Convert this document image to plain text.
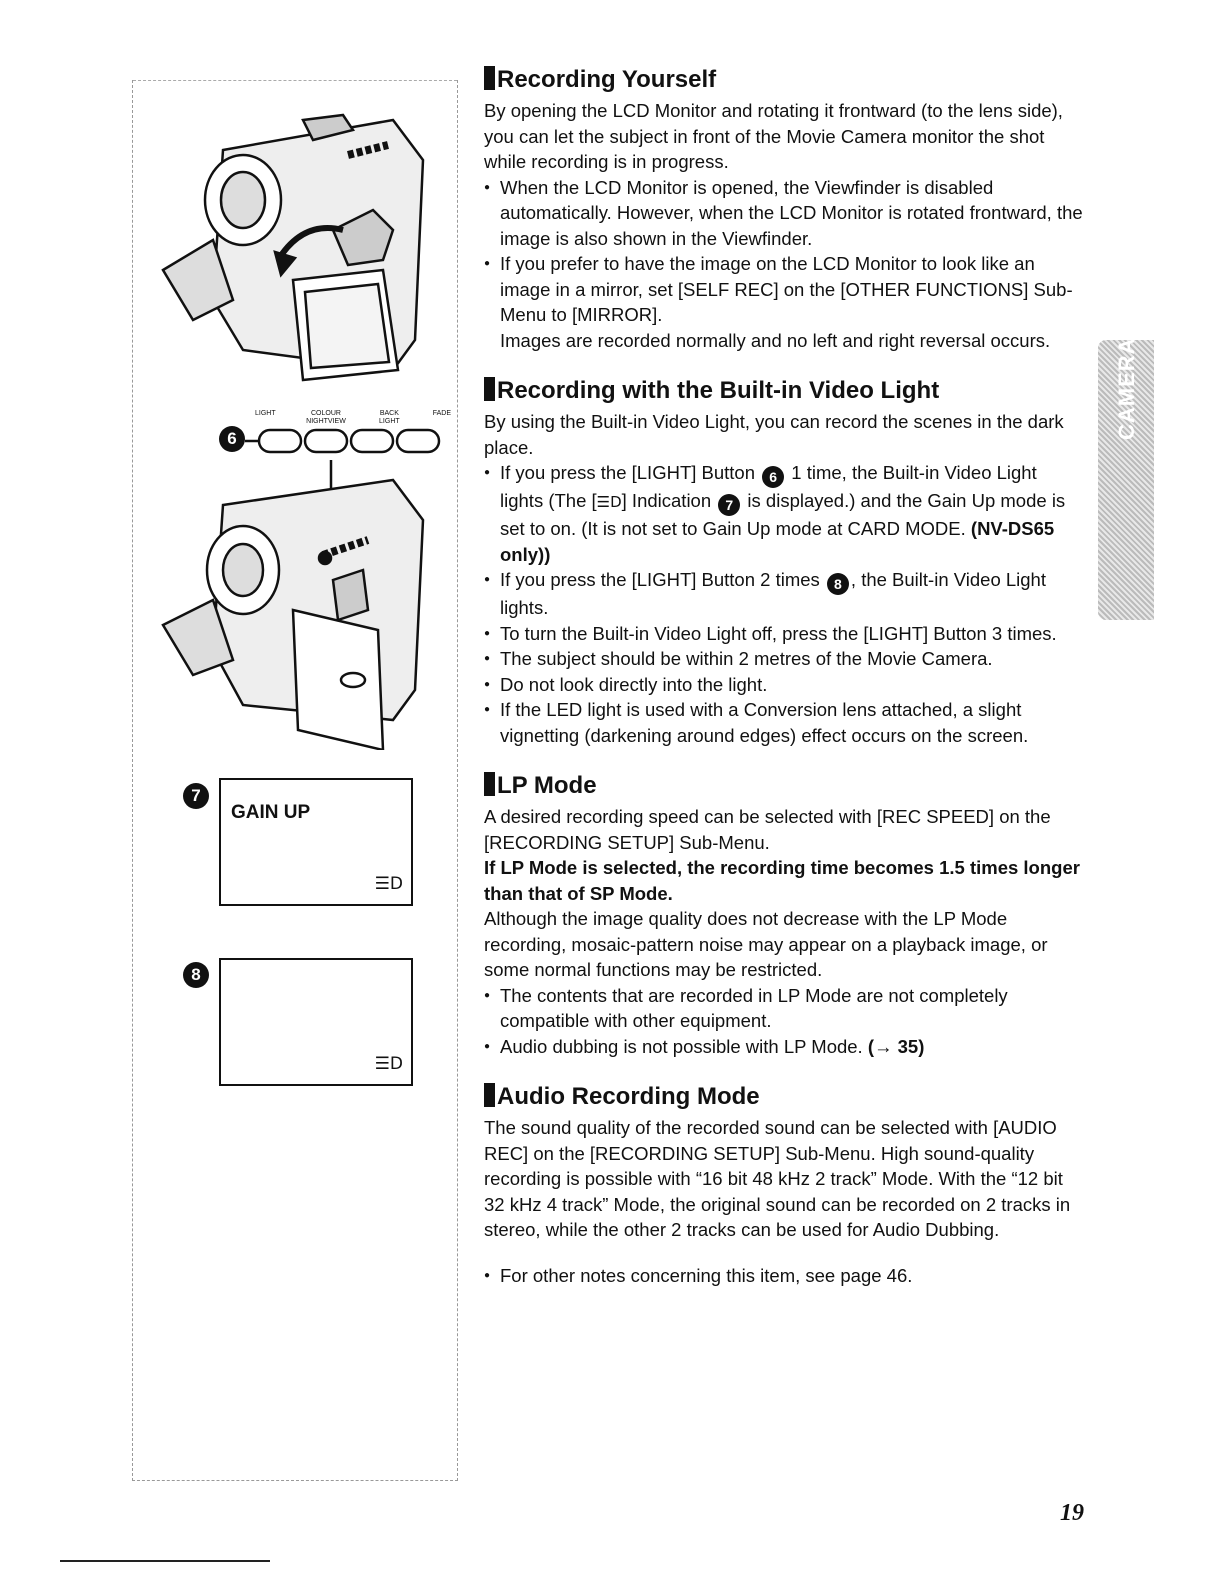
6
LIGHT	COLOUR NIGHTVIEW
BACK LIGHT
FADE
7
GAIN UP
☰D
8
☰D
CAMERA
Recording Yourself

By opening the LCD Monitor and rotating it frontward (to the lens side), you can let the subject in front of the Movie Camera monitor the shot while recording is in progress.

● When the LCD Monitor is opened, the Viewfinder is disabled automatically. However, when the LCD Monitor is rotated frontward, the image is also shown in the Viewfinder.

● If you prefer to have the image on the LCD Monitor to look like an image in a mirror, set [SELF REC] on the [OTHER FUNCTIONS] Sub-Menu to [MIRROR].

Images are recorded normally and no left and right reversal occurs.

Recording with the Built-in Video Light

By using the Built-in Video Light, you can record the scenes in the dark place.

● If you press the [LIGHT] Button 6 1 time, the Built-in Video Light lights (The [☰D] Indication 7 is displayed.) and the Gain Up mode is set to on. (It is not set to Gain Up mode at CARD MODE. (NV-DS65 only))

● If you press the [LIGHT] Button 2 times 8 , the Built-in Video Light lights.

● To turn the Built-in Video Light off, press the [LIGHT] Button 3 times.

● The subject should be within 2 metres of the Movie Camera.

● Do not look directly into the light.

● If the LED light is used with a Conversion lens attached, a slight vignetting (darkening around edges) effect occurs on the screen.

LP Mode

A desired recording speed can be selected with [REC SPEED] on the [RECORDING SETUP] Sub-Menu.

If LP Mode is selected, the recording time becomes 1.5 times longer than that of SP Mode.

Although the image quality does not decrease with the LP Mode recording, mosaic-pattern noise may appear on a playback image, or some normal functions may be restricted.

● The contents that are recorded in LP Mode are not completely compatible with other equipment.

● Audio dubbing is not possible with LP Mode. (→ 35)

Audio Recording Mode

The sound quality of the recorded sound can be selected with [AUDIO REC] on the [RECORDING SETUP] Sub-Menu. High sound-quality recording is possible with “16 bit 48 kHz 2 track” Mode. With the “12 bit 32 kHz 4 track” Mode, the original sound can be recorded on 2 tracks in stereo, while the other 2 tracks can be used for Audio Dubbing.

● For other notes concerning this item, see page 46.

19
